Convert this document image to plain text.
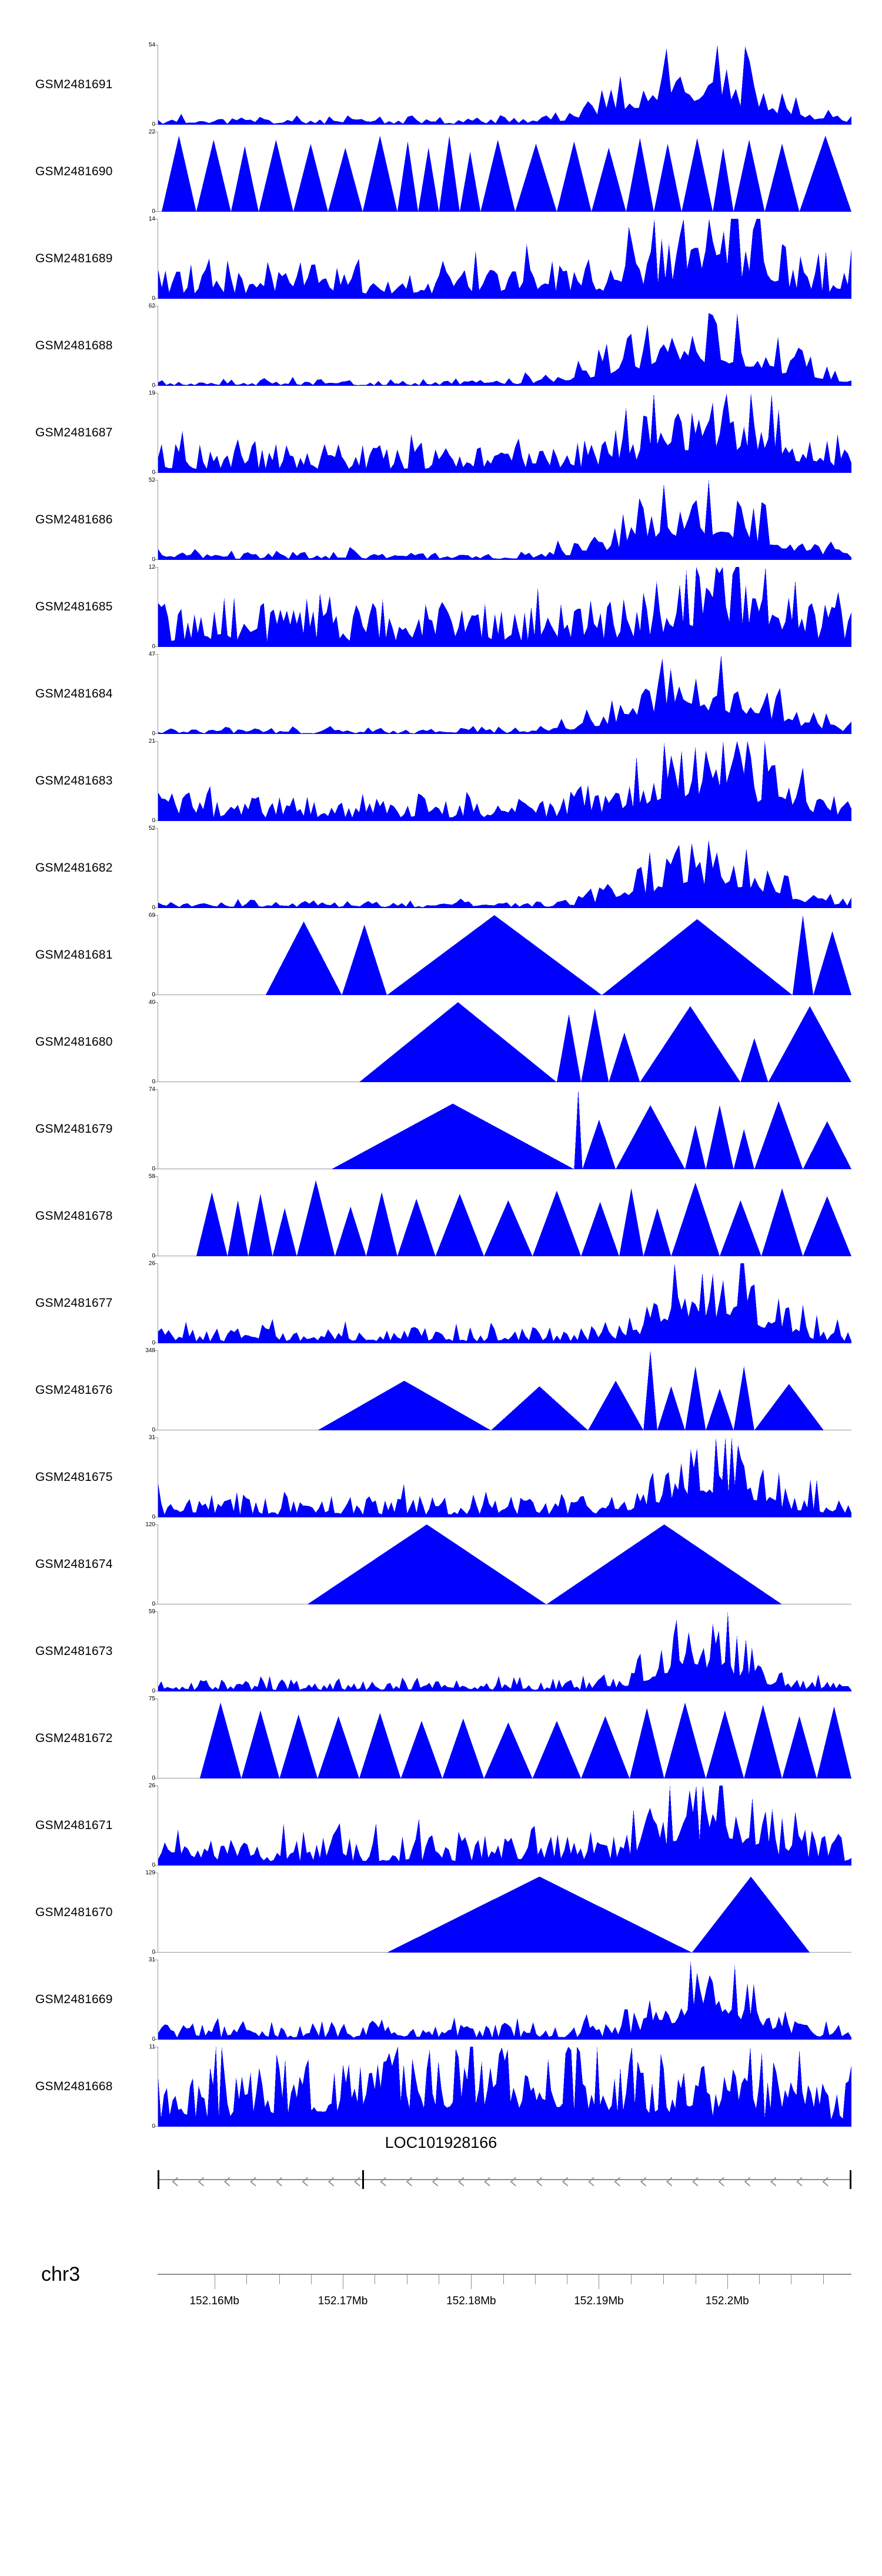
GSM2481691
54
0
GSM2481690
22
0
GSM2481689
14
0
GSM2481688
62
0
GSM2481687
19
0
GSM2481686
52
0
GSM2481685
12
0
GSM2481684
47
0
GSM2481683
21
0
GSM2481682
52
0
GSM2481681
69
0
GSM2481680
40
0
GSM2481679
74
0
GSM2481678
58
0
GSM2481677
26
0
GSM2481676
348
0
GSM2481675
31
0
GSM2481674
120
0
GSM2481673
59
0
GSM2481672
75
0
GSM2481671
26
0
GSM2481670
129
0
GSM2481669
31
0
GSM2481668
11
0
LOC101928166
chr3
152.16Mb	152.17Mb	152.18Mb	152.19Mb	152.2Mb
